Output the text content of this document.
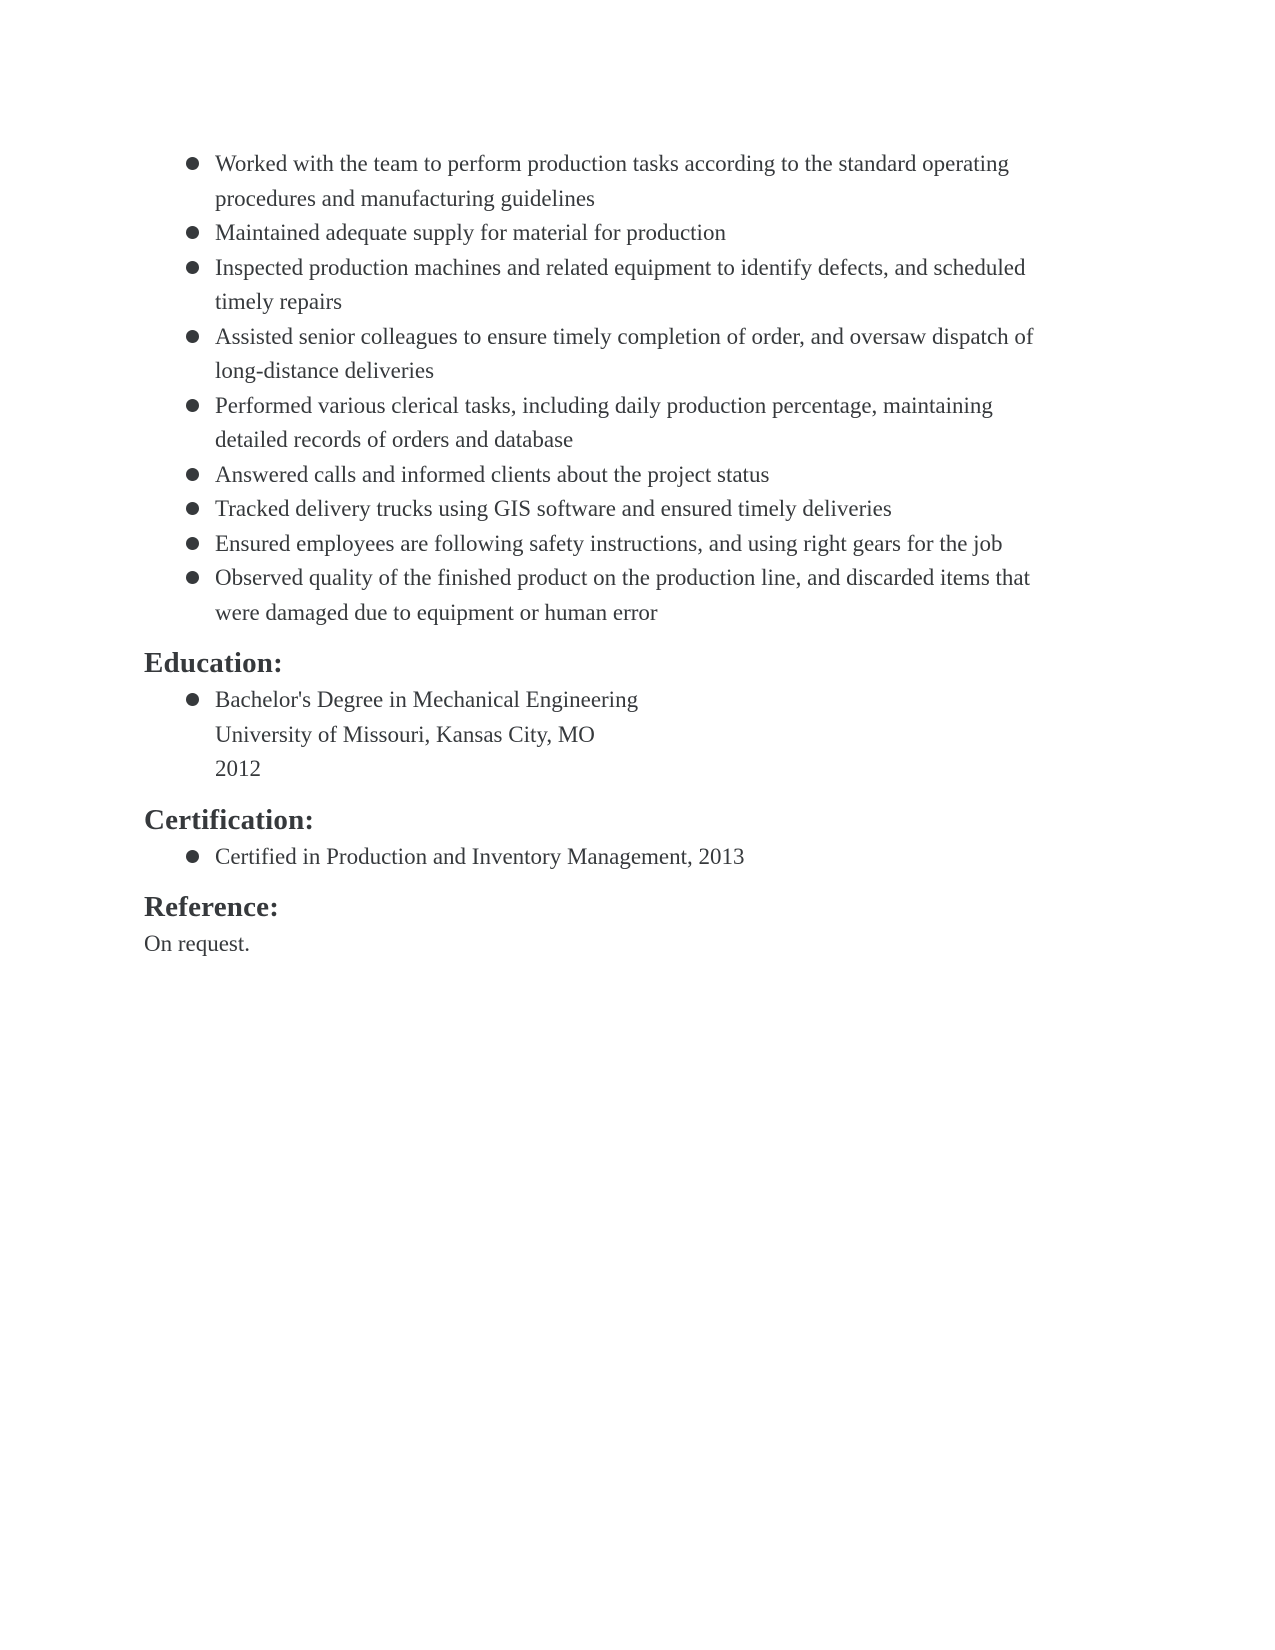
Worked with the team to perform production tasks according to the standard operating procedures and manufacturing guidelines
Maintained adequate supply for material for production
Inspected production machines and related equipment to identify defects, and scheduled timely repairs
Assisted senior colleagues to ensure timely completion of order, and oversaw dispatch of long-distance deliveries
Performed various clerical tasks, including daily production percentage, maintaining detailed records of orders and database
Answered calls and informed clients about the project status
Tracked delivery trucks using GIS software and ensured timely deliveries
Ensured employees are following safety instructions, and using right gears for the job
Observed quality of the finished product on the production line, and discarded items that were damaged due to equipment or human error
Education:
Bachelor's Degree in Mechanical Engineering
University of Missouri, Kansas City, MO
2012
Certification:
Certified in Production and Inventory Management, 2013
Reference:

On request.
